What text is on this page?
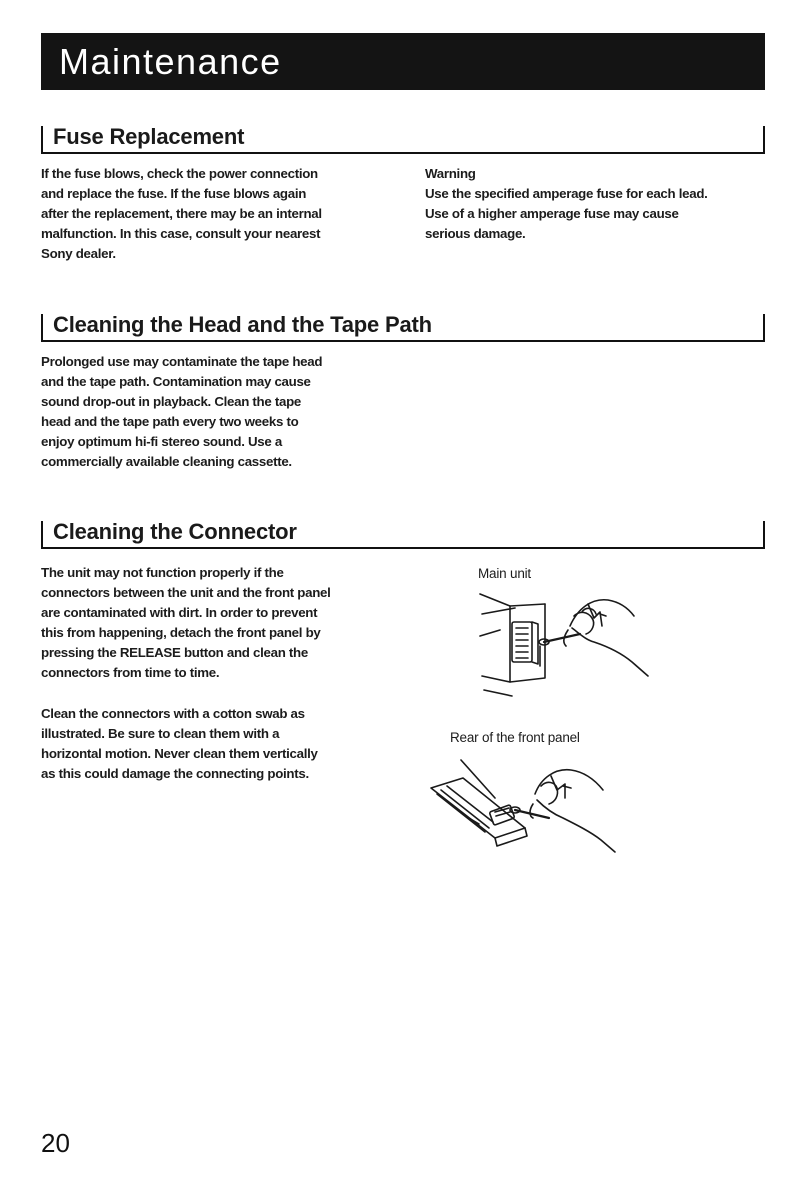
Maintenance
Fuse Replacement
If the fuse blows, check the power connection
and replace the fuse. If the fuse blows again
after the replacement, there may be an internal
malfunction. In this case, consult your nearest
Sony dealer.
Warning
Use the specified amperage fuse for each lead.
Use of a higher amperage fuse may cause
serious damage.
Cleaning the Head and the Tape Path
Prolonged use may contaminate the tape head
and the tape path. Contamination may cause
sound drop-out in playback. Clean the tape
head and the tape path every two weeks to
enjoy optimum hi-fi stereo sound. Use a
commercially available cleaning cassette.
Cleaning the Connector
The unit may not function properly if the
connectors between the unit and the front panel
are contaminated with dirt. In order to prevent
this from happening, detach the front panel by
pressing the RELEASE button and clean the
connectors from time to time.
Clean the connectors with a cotton swab as
illustrated. Be sure to clean them with a
horizontal motion. Never clean them vertically
as this could damage the connecting points.
Main unit
Rear of the front panel
20
